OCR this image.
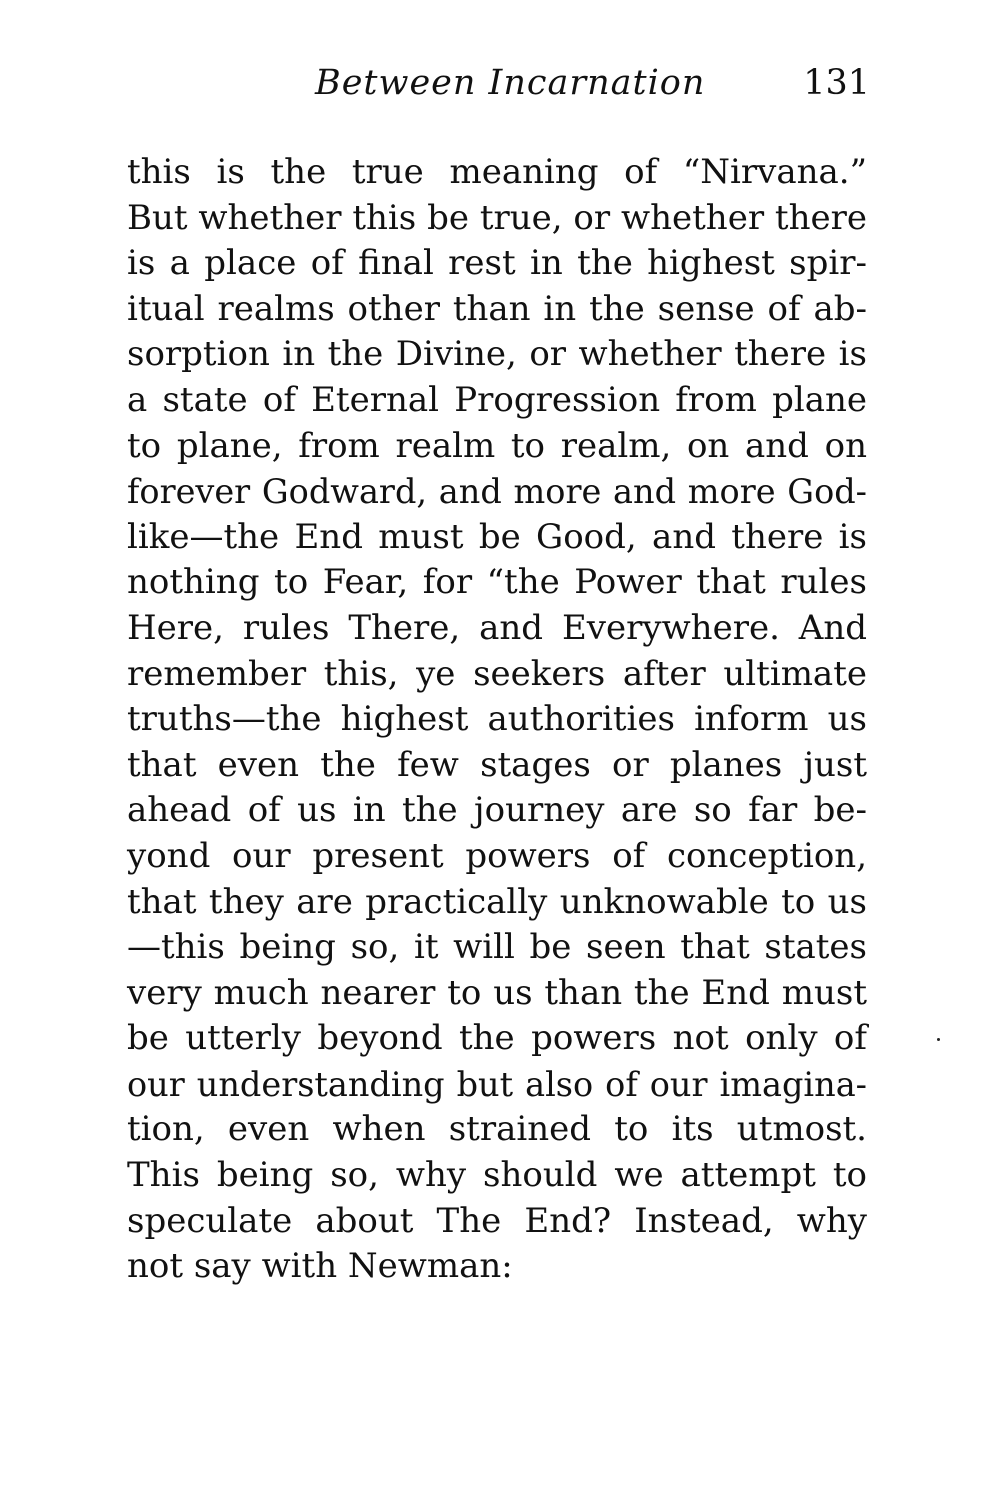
Between Incarnation	131
this is the true meaning of “Nirvana.”
But whether this be true, or whether there
is a place of final rest in the highest spir-
itual realms other than in the sense of ab-
sorption in the Divine, or whether there is
a state of Eternal Progression from plane
to plane, from realm to realm, on and on
forever Godward, and more and more God-
like—the End must be Good, and there is
nothing to Fear, for “the Power that rules
Here, rules There, and Everywhere. And
remember this, ye seekers after ultimate
truths—the highest authorities inform us
that even the few stages or planes just
ahead of us in the journey are so far be-
yond our present powers of conception,
that they are practically unknowable to us
—this being so, it will be seen that states
very much nearer to us than the End must
be utterly beyond the powers not only of
our understanding but also of our imagina-
tion, even when strained to its utmost.
This being so, why should we attempt to
speculate about The End? Instead, why
not say with Newman:
